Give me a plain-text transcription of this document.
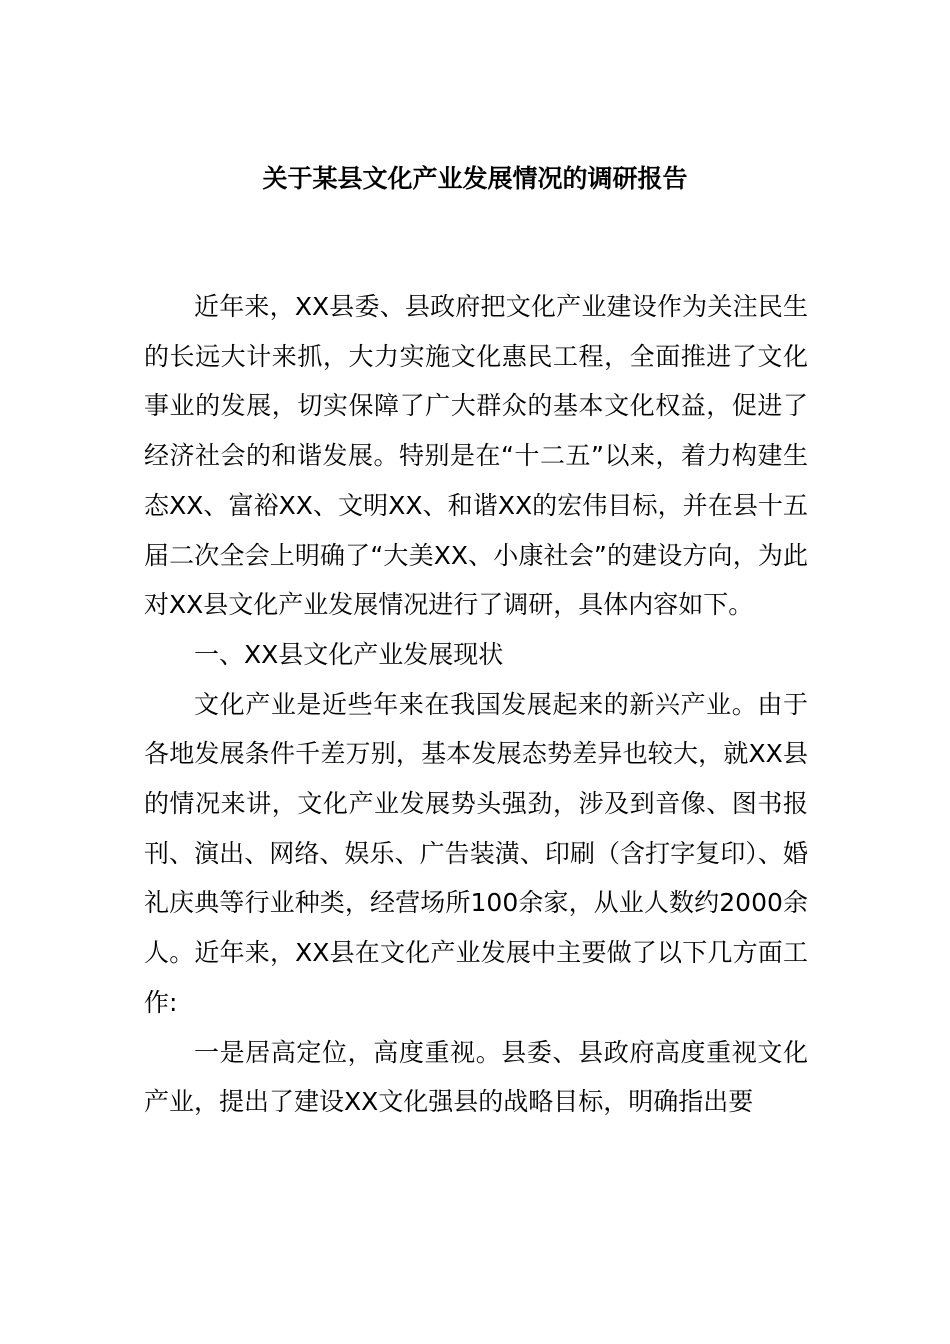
关于某县文化产业发展情况的调研报告

近年来，XX县委、县政府把文化产业建设作为关注民生的长远大计来抓，大力实施文化惠民工程，全面推进了文化事业的发展，切实保障了广大群众的基本文化权益，促进了经济社会的和谐发展。特别是在“十二五”以来，着力构建生态XX、富裕XX、文明XX、和谐XX的宏伟目标，并在县十五届二次全会上明确了“大美XX、小康社会”的建设方向，为此对XX县文化产业发展情况进行了调研，具体内容如下。

一、XX县文化产业发展现状

文化产业是近些年来在我国发展起来的新兴产业。由于各地发展条件千差万别，基本发展态势差异也较大，就XX县的情况来讲，文化产业发展势头强劲，涉及到音像、图书报刊、演出、网络、娱乐、广告装潢、印刷（含打字复印）、婚礼庆典等行业种类，经营场所100余家，从业人数约2000余人。近年来，XX县在文化产业发展中主要做了以下几方面工作:

一是居高定位，高度重视。县委、县政府高度重视文化产业，提出了建设XX文化强县的战略目标，明确指出要
